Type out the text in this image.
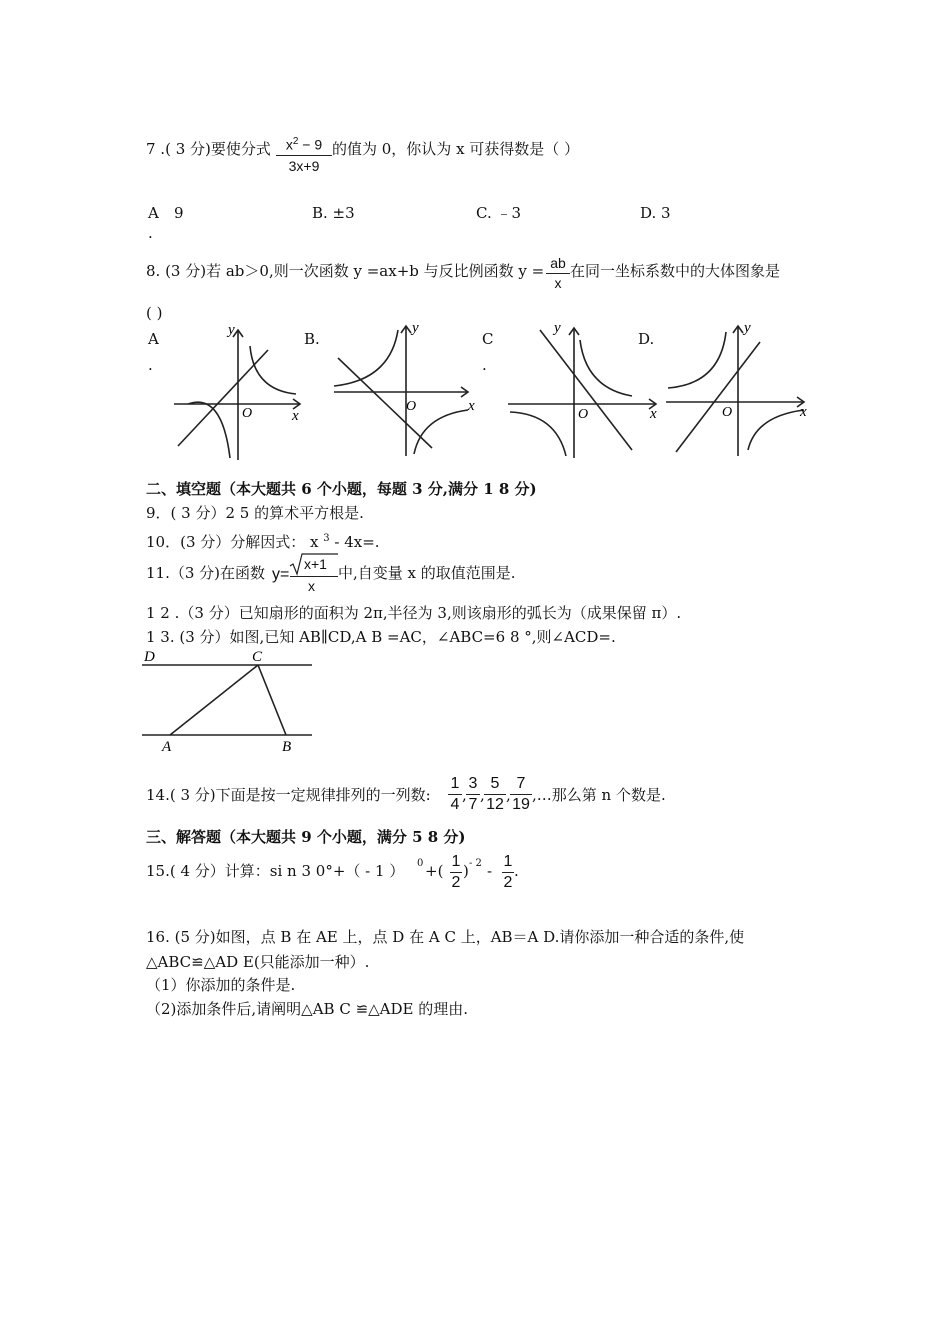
7 .( 3 分)要使分式 $\frac{x^2 - 9}{3x+9}$ 的值为 0，你认为 x 可获得数是（ ）
A
.
9	B. ±3	C. ﹣3	D. 3
8. (3 分)若 ab＞0,则一次函数 y =ax+b 与反比例函数 $y = \frac{ab}{x}$ 在同一坐标系数中的大体图象是
( )
A
.
B.	C
.
D.
y
x
O
y
x
O
y
x
O
y
x
O
二、填空题（本大题共 6 个小题，每题 3 分,满分 1 8 分)
9．( 3 分）2 5 的算术平方根是.
10．(3 分）分解因式： x $^3$ - 4x=.
11.（3 分)在函数 y=
x+1
x
中,自变量 x 的取值范围是.
1 2 .（3 分）已知扇形的面积为 2π,半径为 3,则该扇形的弧长为（成果保留 π）.
1 3. (3 分）如图,已知 AB∥CD,A B =AC，∠ABC=6 8 °,则∠ACD=.
D	C
A	B
14.( 3 分)下面是按一定规律排列的一列数: $\frac{1}{4}$ , $\frac{3}{7}$ , $\frac{5}{12}$ , $\frac{7}{19}$ ,…那么第 n 个数是.
三、解答题（本大题共 9 个小题，满分 5 8 分)
15.( 4 分）计算：si n 3 0°+（ - 1 ） 0 +( $\frac{1}{2}$ ) - $2 - \frac{1}{2}$ .
16. (5 分)如图，点 B 在 AE 上，点 D 在 A C 上，AB＝A D.请你添加一种合适的条件,使
△ABC≌△AD E(只能添加一种）.
（1）你添加的条件是.
（2)添加条件后,请阐明△AB C ≌△ADE 的理由.
